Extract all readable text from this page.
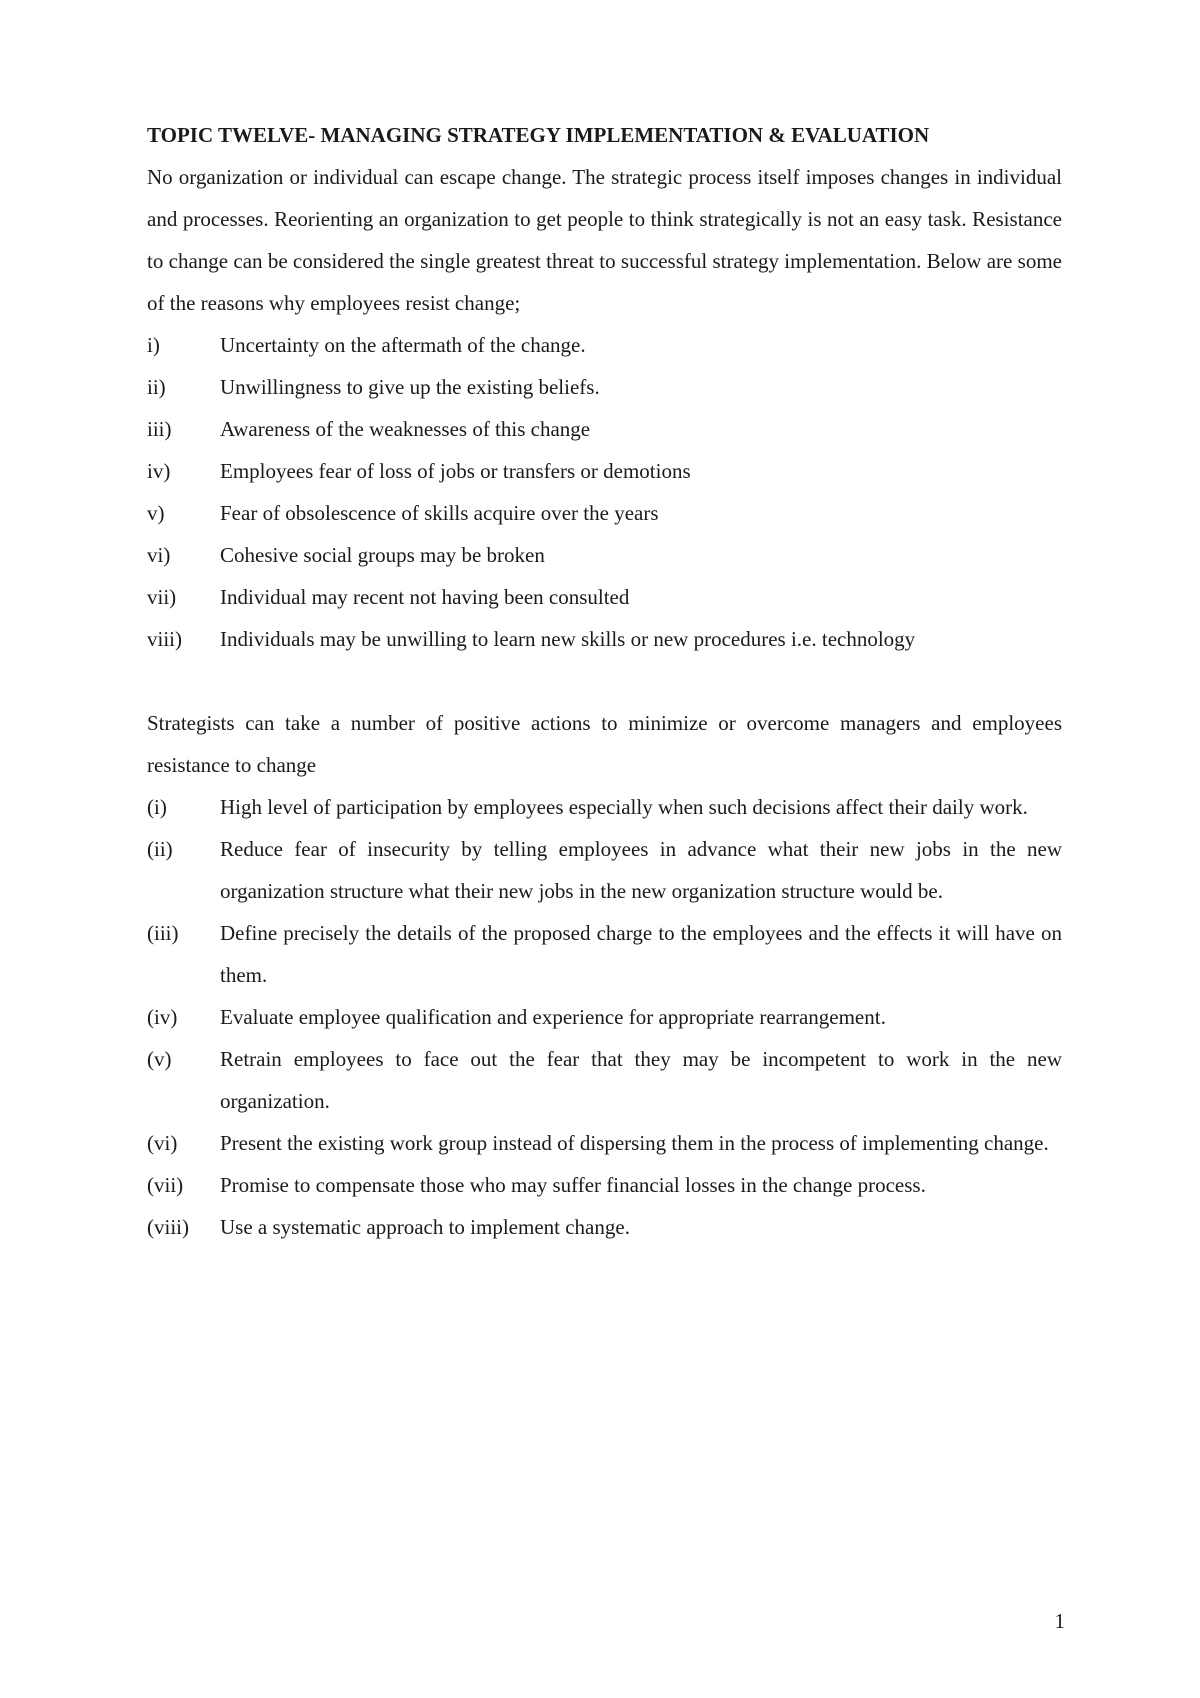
TOPIC TWELVE- MANAGING STRATEGY IMPLEMENTATION & EVALUATION

No organization or individual can escape change. The strategic process itself imposes changes in individual and processes. Reorienting an organization to get people to think strategically is not an easy task. Resistance to change can be considered the single greatest threat to successful strategy implementation. Below are some of the reasons why employees resist change;

i)	Uncertainty on the aftermath of the change.
ii)	Unwillingness to give up the existing beliefs.
iii)	Awareness of the weaknesses of this change
iv)	Employees fear of loss of jobs or transfers or demotions
v)	Fear of obsolescence of skills acquire over the years
vi)	Cohesive social groups may be broken
vii)	Individual may recent not having been consulted
viii)	Individuals may be unwilling to learn new skills or new procedures i.e. technology

Strategists can take a number of positive actions to minimize or overcome managers and employees resistance to change

(i)	High level of participation by employees especially when such decisions affect their daily work.
(ii)	Reduce fear of insecurity by telling employees in advance what their new jobs in the new organization structure what their new jobs in the new organization structure would be.
(iii)	Define precisely the details of the proposed charge to the employees and the effects it will have on them.
(iv)	Evaluate employee qualification and experience for appropriate rearrangement.
(v)	Retrain employees to face out the fear that they may be incompetent to work in the new organization.
(vi)	Present the existing work group instead of dispersing them in the process of implementing change.
(vii)	Promise to compensate those who may suffer financial losses in the change process.
(viii)	Use a systematic approach to implement change.
1
